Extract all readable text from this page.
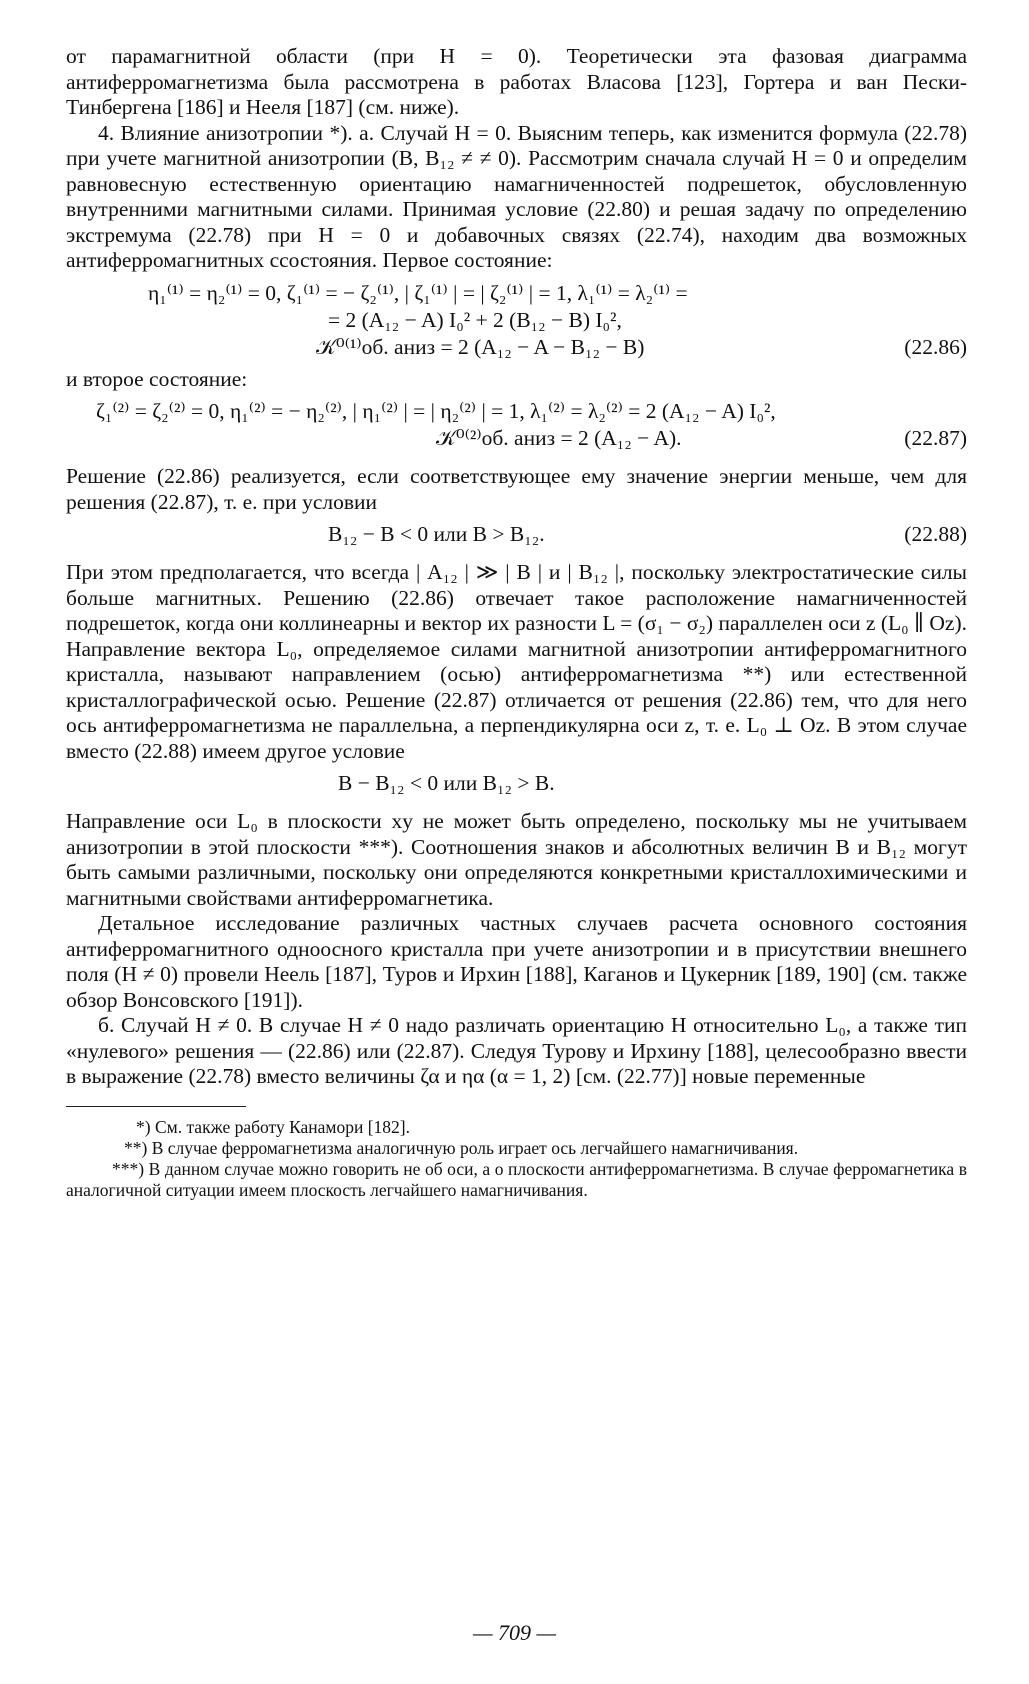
от парамагнитной области (при H = 0). Теоретически эта фазовая диаграмма антиферромагнетизма была рассмотрена в работах Власова [123], Гортера и ван Пески-Тинбергена [186] и Нееля [187] (см. ниже).

4. Влияние анизотропии *). а. Случай H = 0. Выясним теперь, как изменится формула (22.78) при учете магнитной анизотропии (B, B₁₂ ≠ ≠ 0). Рассмотрим сначала случай H = 0 и определим равновесную естественную ориентацию намагниченностей подрешеток, обусловленную внутренними магнитными силами. Принимая условие (22.80) и решая задачу по определению экстремума (22.78) при H = 0 и добавочных связях (22.74), находим два возможных антиферромагнитных ссостояния. Первое состояние:

η₁⁽¹⁾ = η₂⁽¹⁾ = 0, ζ₁⁽¹⁾ = − ζ₂⁽¹⁾, | ζ₁⁽¹⁾ | = | ζ₂⁽¹⁾ | = 1, λ₁⁽¹⁾ = λ₂⁽¹⁾ =
= 2 (A₁₂ − A) I₀² + 2 (B₁₂ − B) I₀²,
𝒦⁰⁽¹⁾об. аниз = 2 (A₁₂ − A − B₁₂ − B)	(22.86)

и второе состояние:

ζ₁⁽²⁾ = ζ₂⁽²⁾ = 0, η₁⁽²⁾ = − η₂⁽²⁾, | η₁⁽²⁾ | = | η₂⁽²⁾ | = 1, λ₁⁽²⁾ = λ₂⁽²⁾ = 2 (A₁₂ − A) I₀²,
𝒦⁰⁽²⁾об. аниз = 2 (A₁₂ − A).	(22.87)

Решение (22.86) реализуется, если соответствующее ему значение энергии меньше, чем для решения (22.87), т. е. при условии

B₁₂ − B < 0 или B > B₁₂.	(22.88)

При этом предполагается, что всегда | A₁₂ | ≫ | B | и | B₁₂ |, поскольку электростатические силы больше магнитных. Решению (22.86) отвечает такое расположение намагниченностей подрешеток, когда они коллинеарны и вектор их разности L = (σ₁ − σ₂) параллелен оси z (L₀ ∥ Oz). Направление вектора L₀, определяемое силами магнитной анизотропии антиферромагнитного кристалла, называют направлением (осью) антиферромагнетизма **) или естественной кристаллографической осью. Решение (22.87) отличается от решения (22.86) тем, что для него ось антиферромагнетизма не параллельна, а перпендикулярна оси z, т. е. L₀ ⊥ Oz. В этом случае вместо (22.88) имеем другое условие

B − B₁₂ < 0 или B₁₂ > B.

Направление оси L₀ в плоскости xy не может быть определено, поскольку мы не учитываем анизотропии в этой плоскости ***). Соотношения знаков и абсолютных величин B и B₁₂ могут быть самыми различными, поскольку они определяются конкретными кристаллохимическими и магнитными свойствами антиферромагнетика.

Детальное исследование различных частных случаев расчета основного состояния антиферромагнитного одноосного кристалла при учете анизотропии и в присутствии внешнего поля (H ≠ 0) провели Неель [187], Туров и Ирхин [188], Каганов и Цукерник [189, 190] (см. также обзор Вонсовского [191]).

б. Случай H ≠ 0. В случае H ≠ 0 надо различать ориентацию H относительно L₀, а также тип «нулевого» решения — (22.86) или (22.87). Следуя Турову и Ирхину [188], целесообразно ввести в выражение (22.78) вместо величины ζα и ηα (α = 1, 2) [см. (22.77)] новые переменные

*) См. также работу Канамори [182].

**) В случае ферромагнетизма аналогичную роль играет ось легчайшего намагничивания.

***) В данном случае можно говорить не об оси, а о плоскости антиферромагнетизма. В случае ферромагнетика в аналогичной ситуации имеем плоскость легчайшего намагничивания.

— 709 —
